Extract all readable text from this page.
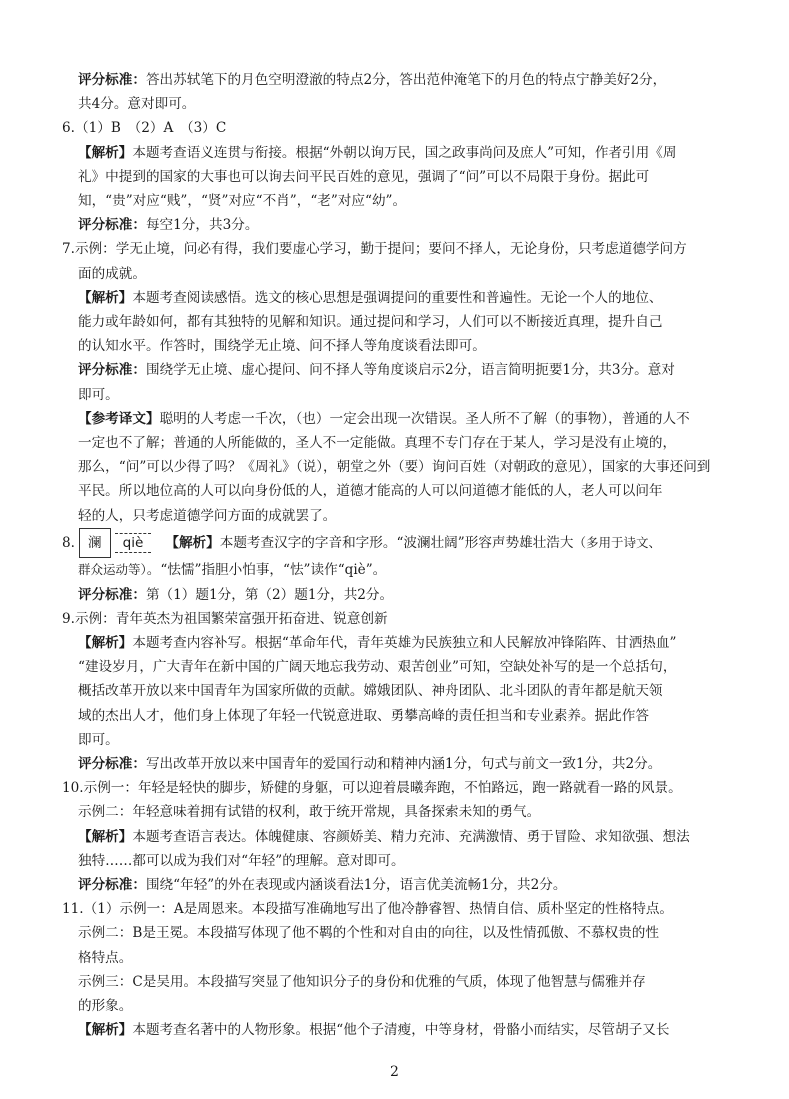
评分标准：答出苏轼笔下的月色空明澄澈的特点2分，答出范仲淹笔下的月色的特点宁静美好2分，

共4分。意对即可。

6.（1）B　（2）A　（3）C

【解析】本题考查语义连贯与衔接。根据“外朝以询万民，国之政事尚问及庶人”可知，作者引用《周

礼》中提到的国家的大事也可以询去问平民百姓的意见，强调了“问”可以不局限于身份。据此可

知，“贵”对应“贱”，“贤”对应“不肖”，“老”对应“幼”。

评分标准：每空1分，共3分。

7.示例：学无止境，问必有得，我们要虚心学习，勤于提问；要问不择人，无论身份，只考虑道德学问方

面的成就。

【解析】本题考查阅读感悟。选文的核心思想是强调提问的重要性和普遍性。无论一个人的地位、

能力或年龄如何，都有其独特的见解和知识。通过提问和学习，人们可以不断接近真理，提升自己

的认知水平。作答时，围绕学无止境、问不择人等角度谈看法即可。

评分标准：围绕学无止境、虚心提问、问不择人等角度谈启示2分，语言简明扼要1分，共3分。意对

即可。

【参考译文】聪明的人考虑一千次，（也）一定会出现一次错误。圣人所不了解（的事物），普通的人不

一定也不了解；普通的人所能做的，圣人不一定能做。真理不专门存在于某人，学习是没有止境的，

那么，“问”可以少得了吗？《周礼》（说），朝堂之外（要）询问百姓（对朝政的意见），国家的大事还问到

平民。所以地位高的人可以向身份低的人，道德才能高的人可以问道德才能低的人，老人可以问年

轻的人，只考虑道德学问方面的成就罢了。

8. 澜 qiè 【解析】本题考查汉字的字音和字形。“波澜壮阔”形容声势雄壮浩大（多用于诗文、

群众运动等）。“怯懦”指胆小怕事，“怯”读作“qiè”。

评分标准：第（1）题1分，第（2）题1分，共2分。

9.示例：青年英杰为祖国繁荣富强开拓奋进、锐意创新

【解析】本题考查内容补写。根据“革命年代，青年英雄为民族独立和人民解放冲锋陷阵、甘洒热血”

“建设岁月，广大青年在新中国的广阔天地忘我劳动、艰苦创业”可知，空缺处补写的是一个总括句，

概括改革开放以来中国青年为国家所做的贡献。嫦娥团队、神舟团队、北斗团队的青年都是航天领

域的杰出人才，他们身上体现了年轻一代锐意进取、勇攀高峰的责任担当和专业素养。据此作答

即可。

评分标准：写出改革开放以来中国青年的爱国行动和精神内涵1分，句式与前文一致1分，共2分。

10.示例一：年轻是轻快的脚步，矫健的身躯，可以迎着晨曦奔跑，不怕路远，跑一路就看一路的风景。

示例二：年轻意味着拥有试错的权利，敢于统开常规，具备探索未知的勇气。

【解析】本题考查语言表达。体魄健康、容颜娇美、精力充沛、充满激情、勇于冒险、求知欲强、想法

独特……都可以成为我们对“年轻”的理解。意对即可。

评分标准：围绕“年轻”的外在表现或内涵谈看法1分，语言优美流畅1分，共2分。

11.（1）示例一：A是周恩来。本段描写准确地写出了他冷静睿智、热情自信、质朴坚定的性格特点。

示例二：B是王冕。本段描写体现了他不羁的个性和对自由的向往，以及性情孤傲、不慕权贵的性

格特点。

示例三：C是吴用。本段描写突显了他知识分子的身份和优雅的气质，体现了他智慧与儒雅并存

的形象。

【解析】本题考查名著中的人物形象。根据“他个子清瘦，中等身材，骨骼小而结实，尽管胡子又长

2
